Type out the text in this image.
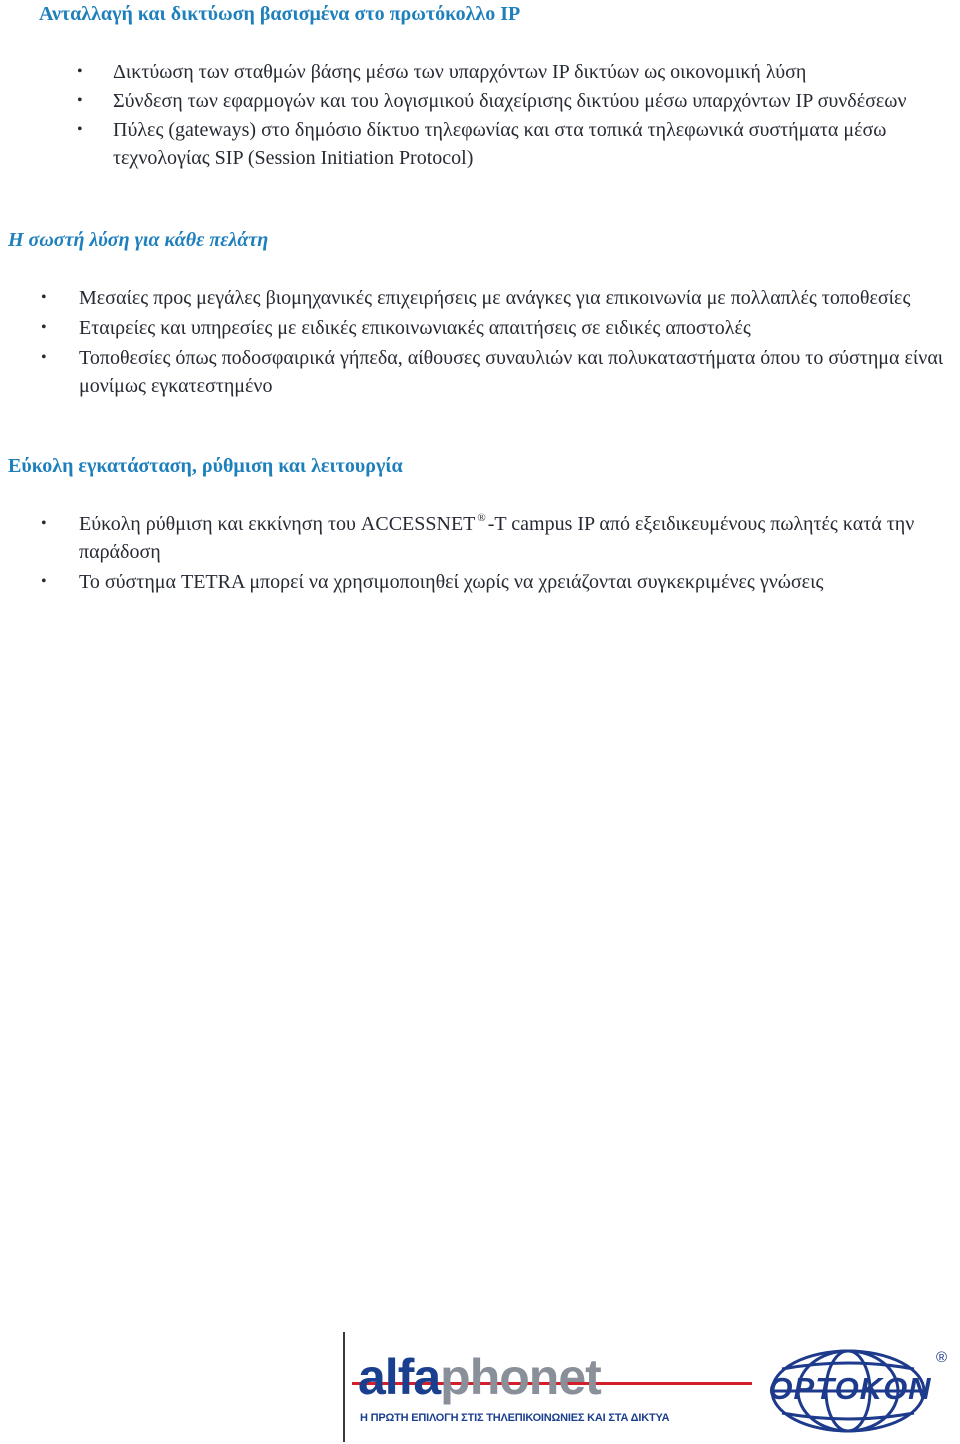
Ανταλλαγή και δικτύωση βασισμένα στο πρωτόκολλο IP
• Δικτύωση των σταθμών βάσης μέσω των υπαρχόντων IP δικτύων ως οικονομική λύση
• Σύνδεση των εφαρμογών και του λογισμικού διαχείρισης δικτύου μέσω υπαρχόντων IP συνδέσεων
• Πύλες (gateways) στο δημόσιο δίκτυο τηλεφωνίας και στα τοπικά τηλεφωνικά συστήματα μέσω τεχνολογίας SIP (Session Initiation Protocol)
Η σωστή λύση για κάθε πελάτη
• Μεσαίες προς μεγάλες βιομηχανικές επιχειρήσεις με ανάγκες για επικοινωνία με πολλαπλές τοποθεσίες
• Εταιρείες και υπηρεσίες με ειδικές επικοινωνιακές απαιτήσεις σε ειδικές αποστολές
• Τοποθεσίες όπως ποδοσφαιρικά γήπεδα, αίθουσες συναυλιών και πολυκαταστήματα όπου το σύστημα είναι μονίμως εγκατεστημένο
Εύκολη εγκατάσταση, ρύθμιση και λειτουργία
• Εύκολη ρύθμιση και εκκίνηση του ACCESSNET ® -T campus IP από εξειδικευμένους πωλητές κατά την παράδοση
• Το σύστημα TETRA μπορεί να χρησιμοποιηθεί χωρίς να χρειάζονται συγκεκριμένες γνώσεις
alfaphonet
Η ΠΡΩΤΗ ΕΠΙΛΟΓΗ ΣΤΙΣ ΤΗΛΕΠΙΚΟΙΝΩΝΙΕΣ ΚΑΙ ΣΤΑ ΔΙΚΤΥΑ
OPTOKON
®
